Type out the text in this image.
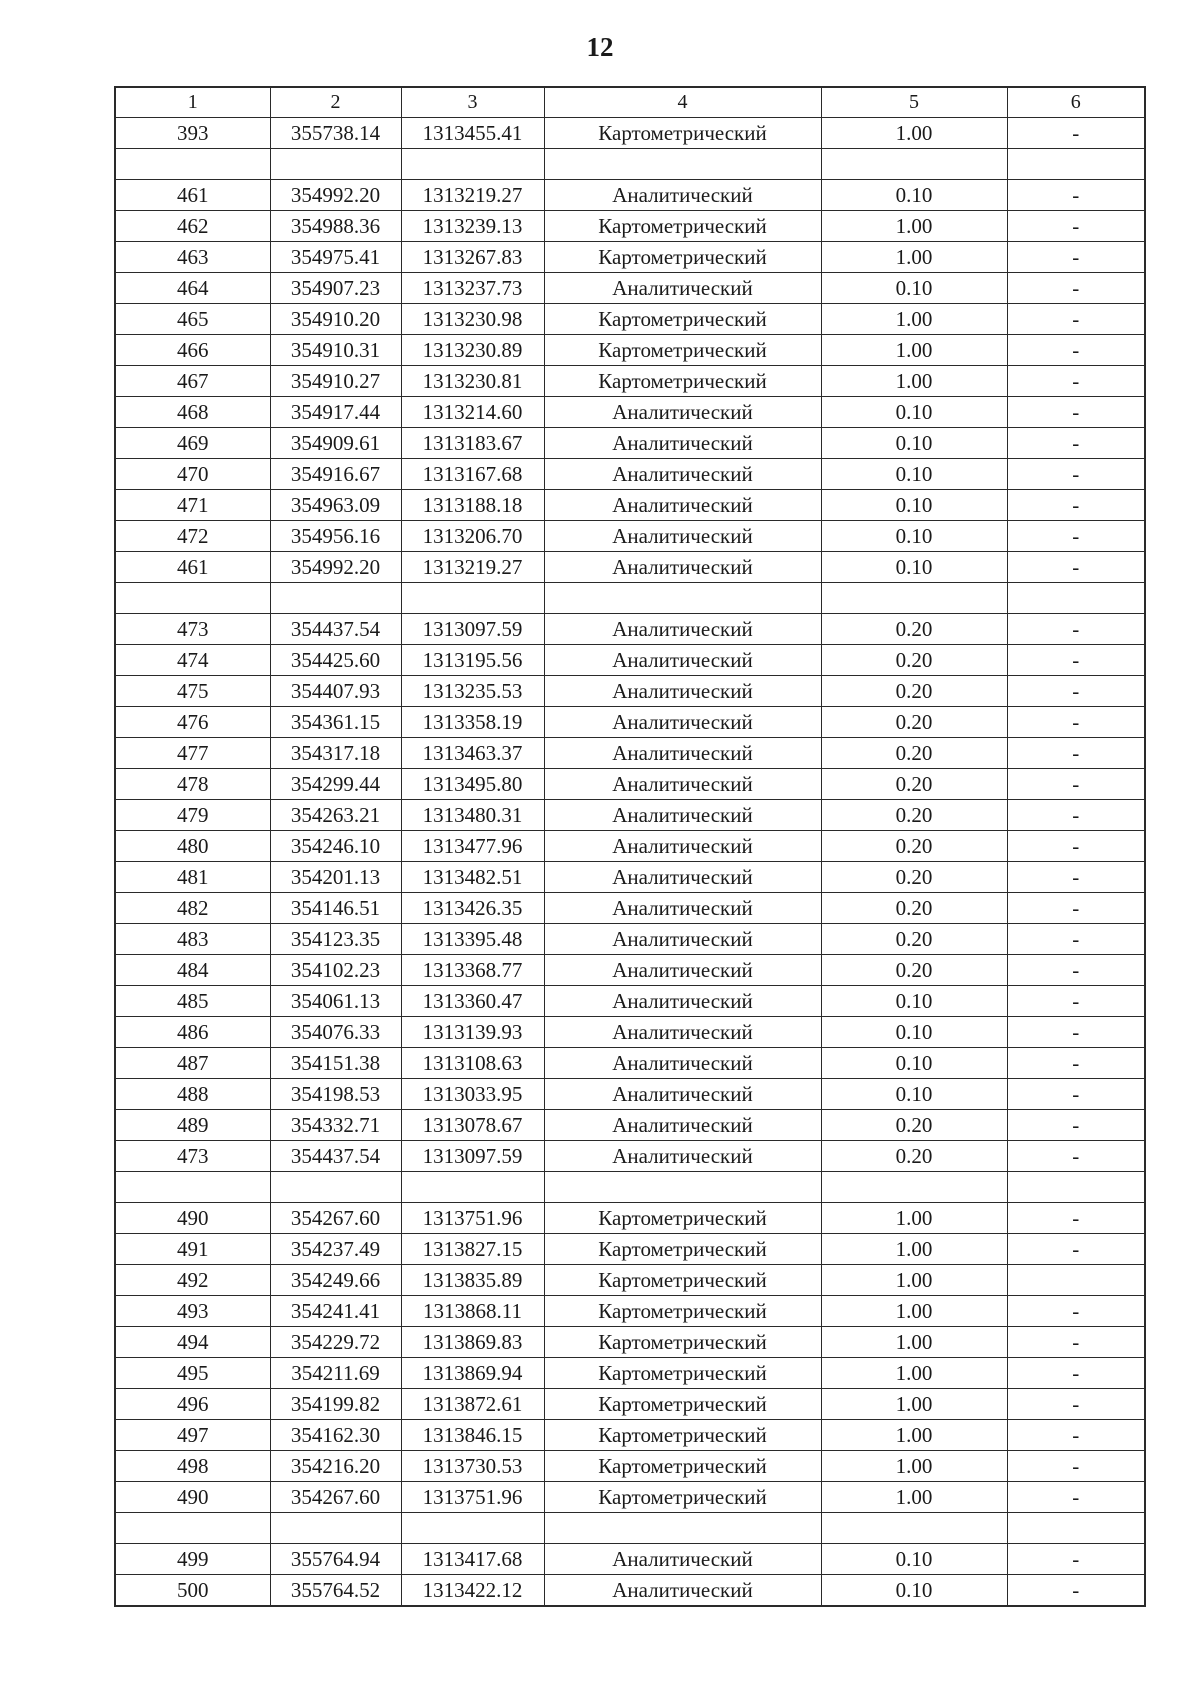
12
1	2	3	4	5	6
393	355738.14	1313455.41	Картометрический	1.00	-

461	354992.20	1313219.27	Аналитический	0.10	-
462	354988.36	1313239.13	Картометрический	1.00	-
463	354975.41	1313267.83	Картометрический	1.00	-
464	354907.23	1313237.73	Аналитический	0.10	-
465	354910.20	1313230.98	Картометрический	1.00	-
466	354910.31	1313230.89	Картометрический	1.00	-
467	354910.27	1313230.81	Картометрический	1.00	-
468	354917.44	1313214.60	Аналитический	0.10	-
469	354909.61	1313183.67	Аналитический	0.10	-
470	354916.67	1313167.68	Аналитический	0.10	-
471	354963.09	1313188.18	Аналитический	0.10	-
472	354956.16	1313206.70	Аналитический	0.10	-
461	354992.20	1313219.27	Аналитический	0.10	-

473	354437.54	1313097.59	Аналитический	0.20	-
474	354425.60	1313195.56	Аналитический	0.20	-
475	354407.93	1313235.53	Аналитический	0.20	-
476	354361.15	1313358.19	Аналитический	0.20	-
477	354317.18	1313463.37	Аналитический	0.20	-
478	354299.44	1313495.80	Аналитический	0.20	-
479	354263.21	1313480.31	Аналитический	0.20	-
480	354246.10	1313477.96	Аналитический	0.20	-
481	354201.13	1313482.51	Аналитический	0.20	-
482	354146.51	1313426.35	Аналитический	0.20	-
483	354123.35	1313395.48	Аналитический	0.20	-
484	354102.23	1313368.77	Аналитический	0.20	-
485	354061.13	1313360.47	Аналитический	0.10	-
486	354076.33	1313139.93	Аналитический	0.10	-
487	354151.38	1313108.63	Аналитический	0.10	-
488	354198.53	1313033.95	Аналитический	0.10	-
489	354332.71	1313078.67	Аналитический	0.20	-
473	354437.54	1313097.59	Аналитический	0.20	-

490	354267.60	1313751.96	Картометрический	1.00	-
491	354237.49	1313827.15	Картометрический	1.00	-
492	354249.66	1313835.89	Картометрический	1.00	
493	354241.41	1313868.11	Картометрический	1.00	-
494	354229.72	1313869.83	Картометрический	1.00	-
495	354211.69	1313869.94	Картометрический	1.00	-
496	354199.82	1313872.61	Картометрический	1.00	-
497	354162.30	1313846.15	Картометрический	1.00	-
498	354216.20	1313730.53	Картометрический	1.00	-
490	354267.60	1313751.96	Картометрический	1.00	-

499	355764.94	1313417.68	Аналитический	0.10	-
500	355764.52	1313422.12	Аналитический	0.10	-
